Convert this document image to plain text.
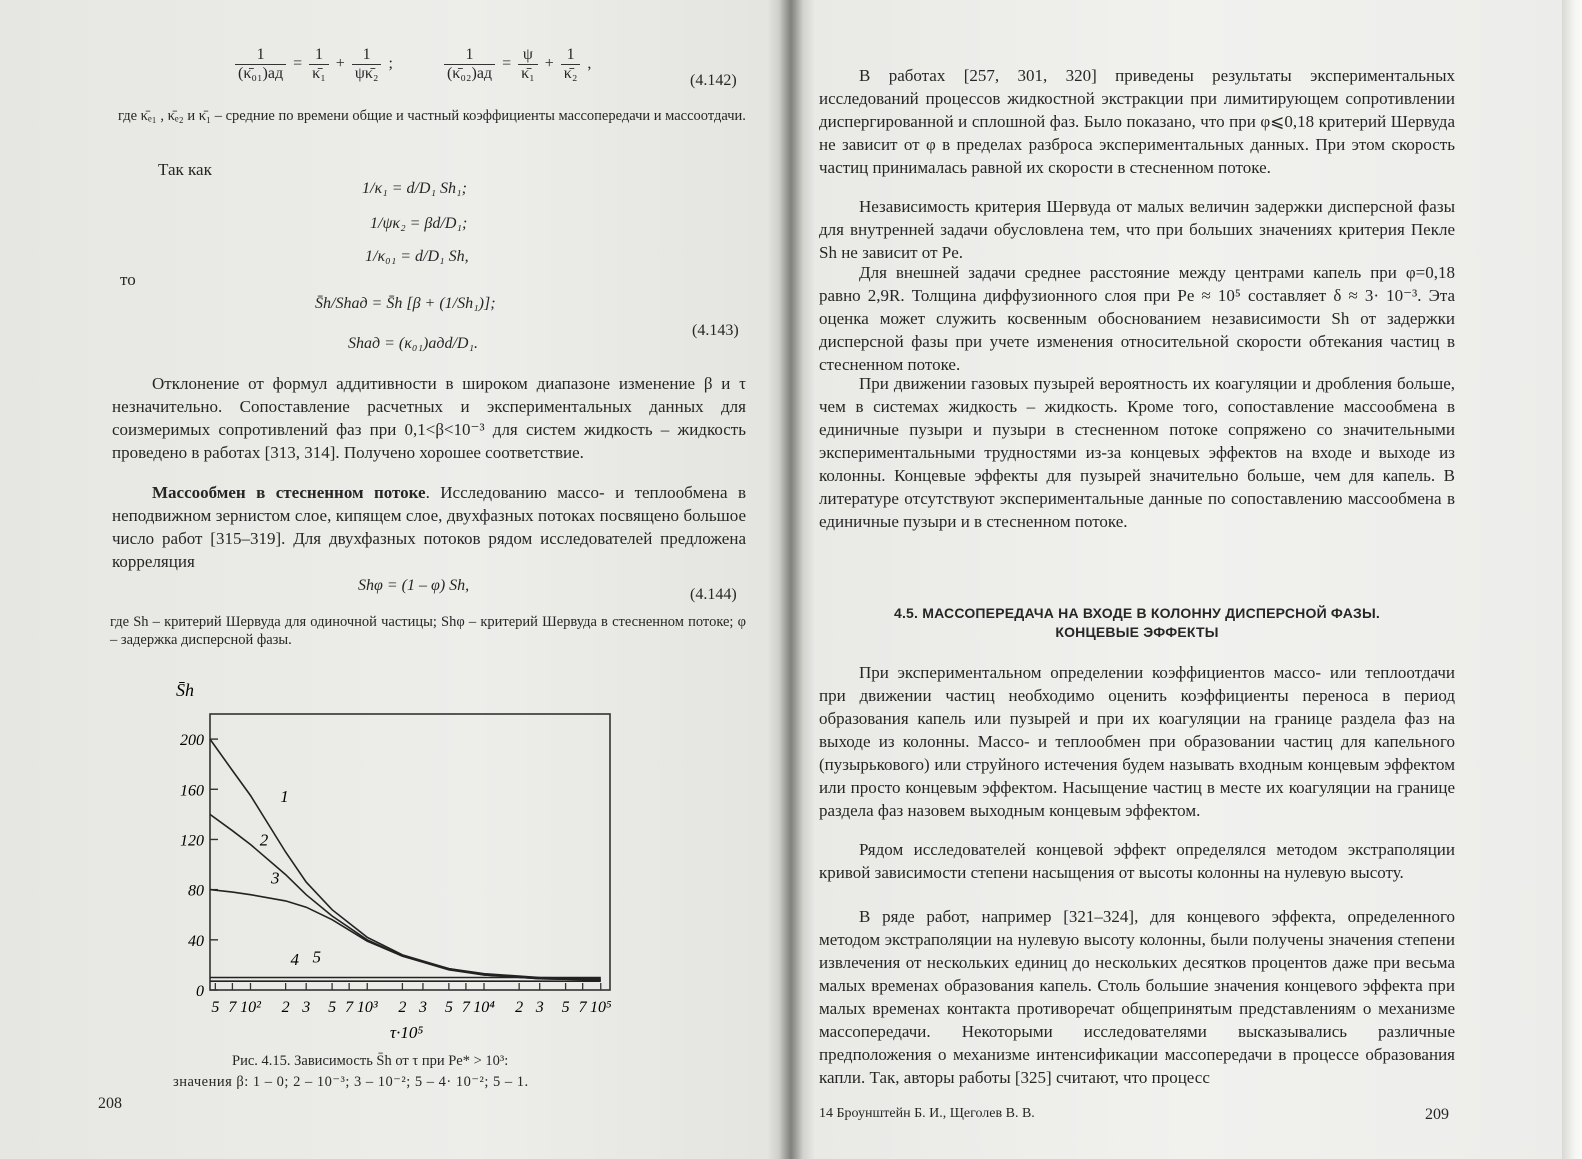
$\frac{1}{\text{(κ̄₀₁)ад}} = \frac{1}{\text{κ̄₁}} + \frac{1}{\text{ψκ̄₂}}$ ;	$\frac{1}{\text{(κ̄₀₂)ад}} = \frac{\psi}{\text{κ̄₁}} + \frac{1}{\text{κ̄₂}}$ ,
(4.142)
где κ̄ₑ₁ , κ̄ₑ₂ и κ̄₁ – средние по времени общие и частный коэффициенты массопередачи и массоотдачи.
Так как
1/κ₁ = d/D₁ Sh₁;
1/ψκ₂ = βd/D₁;
1/κ₀₁ = d/D₁ Sh,
то
S̄h/Shад = S̄h [β + (1/Sh₁)];
(4.143)
Shад = (κ₀₁)адd/D₁.
Отклонение от формул аддитивности в широком диапазоне изменение β и τ незначительно. Сопоставление расчетных и экспериментальных данных для соизмеримых сопротивлений фаз при 0,1<β<10⁻³ для систем жидкость – жидкость проведено в работах [313, 314]. Получено хорошее соответствие.
Массообмен в стесненном потоке. Исследованию массо- и теплообмена в неподвижном зернистом слое, кипящем слое, двухфазных потоках посвящено большое число работ [315–319]. Для двухфазных потоков рядом исследователей предложена корреляция
Shφ = (1 – φ) Sh,
(4.144)
где Sh – критерий Шервуда для одиночной частицы; Shφ – критерий Шервуда в стесненном потоке; φ – задержка дисперсной фазы.
S̄h
0
40
80
120
160
200
5 7 10² 2 3 5 7 10³ 2 3 5 7 10⁴ 2 3 5 7 10⁵
1
2
3
4 5
τ·10⁵
Рис. 4.15. Зависимость S̄h от τ при Pe* > 10³:
значения β: 1 – 0; 2 – 10⁻³; 3 – 10⁻²; 5 – 4· 10⁻²; 5 – 1.
208
В работах [257, 301, 320] приведены результаты экспериментальных исследований процессов жидкостной экстракции при лимитирующем сопротивлении диспергированной и сплошной фаз. Было показано, что при φ⩽0,18 критерий Шервуда не зависит от φ в пределах разброса экспериментальных данных. При этом скорость частиц принималась равной их скорости в стесненном потоке.
Независимость критерия Шервуда от малых величин задержки дисперсной фазы для внутренней задачи обусловлена тем, что при больших значениях критерия Пекле Sh не зависит от Pe.
Для внешней задачи среднее расстояние между центрами капель при φ=0,18 равно 2,9R. Толщина диффузионного слоя при Pe ≈ 10⁵ составляет δ ≈ 3· 10⁻³. Эта оценка может служить косвенным обоснованием независимости Sh от задержки дисперсной фазы при учете изменения относительной скорости обтекания частиц в стесненном потоке.
При движении газовых пузырей вероятность их коагуляции и дробления больше, чем в системах жидкость – жидкость. Кроме того, сопоставление массообмена в единичные пузыри и пузыри в стесненном потоке сопряжено со значительными экспериментальными трудностями из-за концевых эффектов на входе и выходе из колонны. Концевые эффекты для пузырей значительно больше, чем для капель. В литературе отсутствуют экспериментальные данные по сопоставлению массообмена в единичные пузыри и в стесненном потоке.
4.5. МАССОПЕРЕДАЧА НА ВХОДЕ В КОЛОННУ ДИСПЕРСНОЙ ФАЗЫ.
КОНЦЕВЫЕ ЭФФЕКТЫ
При экспериментальном определении коэффициентов массо- или теплоотдачи при движении частиц необходимо оценить коэффициенты переноса в период образования капель или пузырей и при их коагуляции на границе раздела фаз на выходе из колонны. Массо- и теплообмен при образовании частиц для капельного (пузырькового) или струйного истечения будем называть входным концевым эффектом или просто концевым эффектом. Насыщение частиц в месте их коагуляции на границе раздела фаз назовем выходным концевым эффектом.
Рядом исследователей концевой эффект определялся методом экстраполяции кривой зависимости степени насыщения от высоты колонны на нулевую высоту.
В ряде работ, например [321–324], для концевого эффекта, определенного методом экстраполяции на нулевую высоту колонны, были получены значения степени извлечения от нескольких единиц до нескольких десятков процентов даже при весьма малых временах образования капель. Столь большие значения концевого эффекта при малых временах контакта противоречат общепринятым представлениям о механизме массопередачи. Некоторыми исследователями высказывались различные предположения о механизме интенсификации массопередачи в процессе образования капли. Так, авторы работы [325] считают, что процесс
14 Броунштейн Б. И., Щеголев В. В.	209
